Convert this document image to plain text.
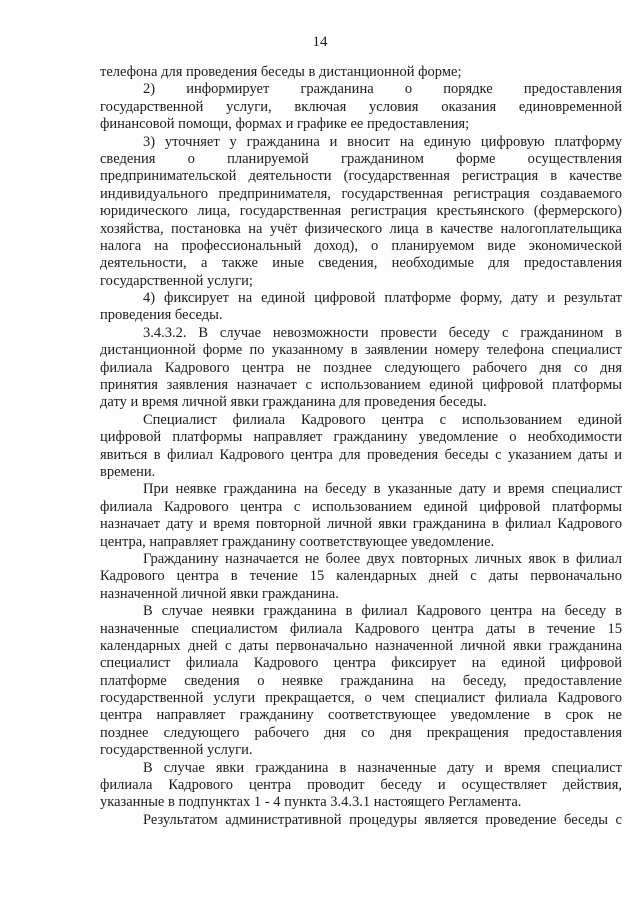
14
телефона для проведения беседы в дистанционной форме;
2) информирует гражданина о порядке предоставления
государственной услуги, включая условия оказания единовременной
финансовой помощи, формах и графике ее предоставления;
3) уточняет у гражданина и вносит на единую цифровую платформу
сведения о планируемой гражданином форме осуществления
предпринимательской деятельности (государственная регистрация в качестве
индивидуального предпринимателя, государственная регистрация создаваемого
юридического лица, государственная регистрация крестьянского (фермерского)
хозяйства, постановка на учёт физического лица в качестве налогоплательщика
налога на профессиональный доход), о планируемом виде экономической
деятельности, а также иные сведения, необходимые для предоставления
государственной услуги;
4) фиксирует на единой цифровой платформе форму, дату и результат
проведения беседы.
3.4.3.2. В случае невозможности провести беседу с гражданином в
дистанционной форме по указанному в заявлении номеру телефона специалист
филиала Кадрового центра не позднее следующего рабочего дня со дня
принятия заявления назначает с использованием единой цифровой платформы
дату и время личной явки гражданина для проведения беседы.
Специалист филиала Кадрового центра с использованием единой
цифровой платформы направляет гражданину уведомление о необходимости
явиться в филиал Кадрового центра для проведения беседы с указанием даты и
времени.
При неявке гражданина на беседу в указанные дату и время специалист
филиала Кадрового центра с использованием единой цифровой платформы
назначает дату и время повторной личной явки гражданина в филиал Кадрового
центра, направляет гражданину соответствующее уведомление.
Гражданину назначается не более двух повторных личных явок в филиал
Кадрового центра в течение 15 календарных дней с даты первоначально
назначенной личной явки гражданина.
В случае неявки гражданина в филиал Кадрового центра на беседу в
назначенные специалистом филиала Кадрового центра даты в течение 15
календарных дней с даты первоначально назначенной личной явки гражданина
специалист филиала Кадрового центра фиксирует на единой цифровой
платформе сведения о неявке гражданина на беседу, предоставление
государственной услуги прекращается, о чем специалист филиала Кадрового
центра направляет гражданину соответствующее уведомление в срок не
позднее следующего рабочего дня со дня прекращения предоставления
государственной услуги.
В случае явки гражданина в назначенные дату и время специалист
филиала Кадрового центра проводит беседу и осуществляет действия,
указанные в подпунктах 1 - 4 пункта 3.4.3.1 настоящего Регламента.
Результатом административной процедуры является проведение беседы с
